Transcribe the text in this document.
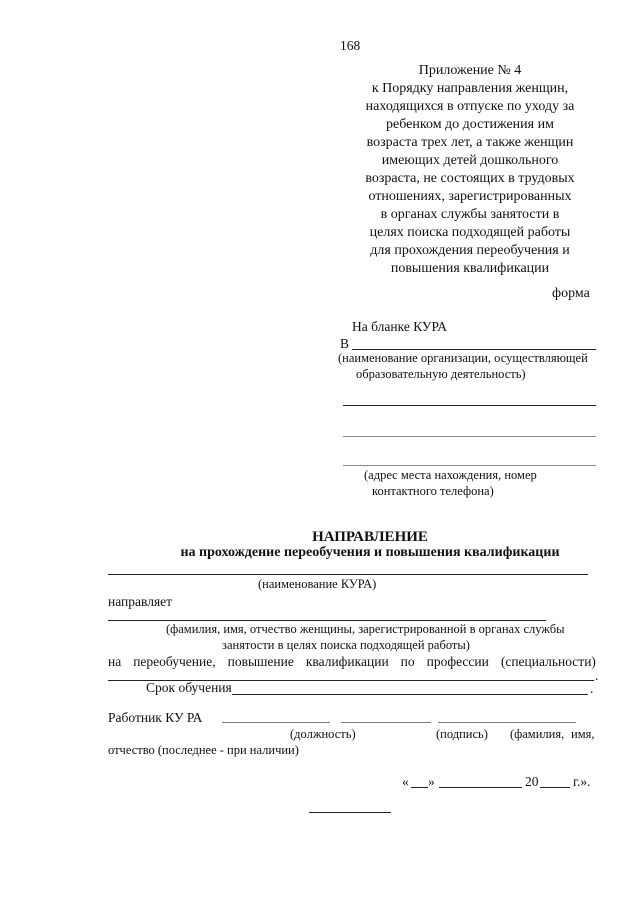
168
Приложение № 4
к Порядку направления женщин,
находящихся в отпуске по уходу за
ребенком до достижения им
возраста трех лет, а также женщин
имеющих детей дошкольного
возраста, не состоящих в трудовых
отношениях, зарегистрированных
в органах службы занятости в
целях поиска подходящей работы
для прохождения переобучения и
повышения квалификации
форма
На бланке КУРА
В
(наименование организации, осуществляющей
образовательную деятельность)
(адрес места нахождения, номер
контактного телефона)
НАПРАВЛЕНИЕ
на прохождение переобучения и повышения квалификации
(наименование КУРА)
направляет
(фамилия, имя, отчество женщины, зарегистрированной в органах службы
занятости в целях поиска подходящей работы)
на переобучение, повышение квалификации по профессии (специальности)
.
Срок обучения	.
Работник КУ РА
(должность)	(подпись) (фамилия, имя,
отчество (последнее - при наличии)
« »	20	г.».
